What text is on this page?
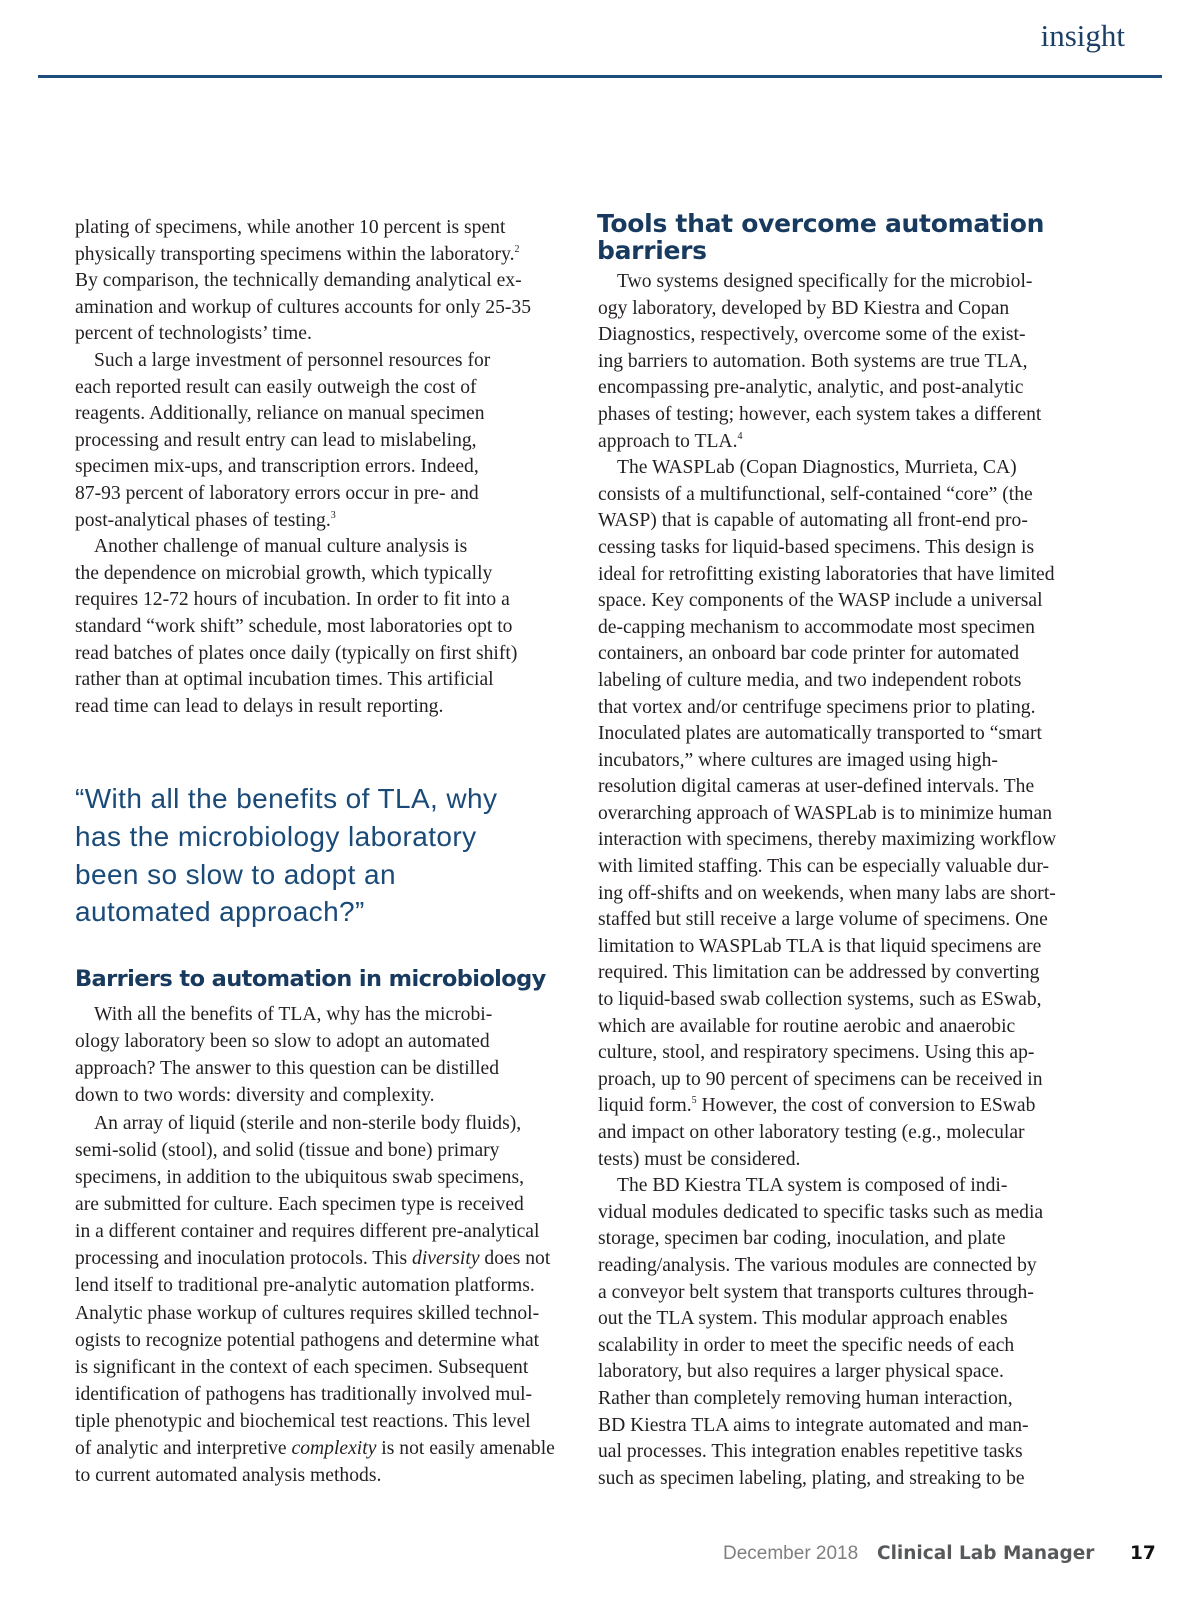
insight
plating of specimens, while another 10 percent is spent
physically transporting specimens within the laboratory.$^2$
By comparison, the technically demanding analytical ex-
amination and workup of cultures accounts for only 25-35
percent of technologists’ time.
Such a large investment of personnel resources for
each reported result can easily outweigh the cost of
reagents. Additionally, reliance on manual specimen
processing and result entry can lead to mislabeling,
specimen mix-ups, and transcription errors. Indeed,
87-93 percent of laboratory errors occur in pre- and
post-analytical phases of testing.$^3$
Another challenge of manual culture analysis is
the dependence on microbial growth, which typically
requires 12-72 hours of incubation. In order to fit into a
standard “work shift” schedule, most laboratories opt to
read batches of plates once daily (typically on first shift)
rather than at optimal incubation times. This artificial
read time can lead to delays in result reporting.
“With all the benefits of TLA, why
has the microbiology laboratory
been so slow to adopt an
automated approach?”
Barriers to automation in microbiology
With all the benefits of TLA, why has the microbi-
ology laboratory been so slow to adopt an automated
approach? The answer to this question can be distilled
down to two words: diversity and complexity.
An array of liquid (sterile and non-sterile body fluids),
semi-solid (stool), and solid (tissue and bone) primary
specimens, in addition to the ubiquitous swab specimens,
are submitted for culture. Each specimen type is received
in a different container and requires different pre-analytical
processing and inoculation protocols. This diversity does not
lend itself to traditional pre-analytic automation platforms.
Analytic phase workup of cultures requires skilled technol-
ogists to recognize potential pathogens and determine what
is significant in the context of each specimen. Subsequent
identification of pathogens has traditionally involved mul-
tiple phenotypic and biochemical test reactions. This level
of analytic and interpretive complexity is not easily amenable
to current automated analysis methods.
Tools that overcome automation
barriers
Two systems designed specifically for the microbiol-
ogy laboratory, developed by BD Kiestra and Copan
Diagnostics, respectively, overcome some of the exist-
ing barriers to automation. Both systems are true TLA,
encompassing pre-analytic, analytic, and post-analytic
phases of testing; however, each system takes a different
approach to TLA.$^4$
The WASPLab (Copan Diagnostics, Murrieta, CA)
consists of a multifunctional, self-contained “core” (the
WASP) that is capable of automating all front-end pro-
cessing tasks for liquid-based specimens. This design is
ideal for retrofitting existing laboratories that have limited
space. Key components of the WASP include a universal
de-capping mechanism to accommodate most specimen
containers, an onboard bar code printer for automated
labeling of culture media, and two independent robots
that vortex and/or centrifuge specimens prior to plating.
Inoculated plates are automatically transported to “smart
incubators,” where cultures are imaged using high-
resolution digital cameras at user-defined intervals. The
overarching approach of WASPLab is to minimize human
interaction with specimens, thereby maximizing workflow
with limited staffing. This can be especially valuable dur-
ing off-shifts and on weekends, when many labs are short-
staffed but still receive a large volume of specimens. One
limitation to WASPLab TLA is that liquid specimens are
required. This limitation can be addressed by converting
to liquid-based swab collection systems, such as ESwab,
which are available for routine aerobic and anaerobic
culture, stool, and respiratory specimens. Using this ap-
proach, up to 90 percent of specimens can be received in
liquid form.$^5$ However, the cost of conversion to ESwab
and impact on other laboratory testing (e.g., molecular
tests) must be considered.
The BD Kiestra TLA system is composed of indi-
vidual modules dedicated to specific tasks such as media
storage, specimen bar coding, inoculation, and plate
reading/analysis. The various modules are connected by
a conveyor belt system that transports cultures through-
out the TLA system. This modular approach enables
scalability in order to meet the specific needs of each
laboratory, but also requires a larger physical space.
Rather than completely removing human interaction,
BD Kiestra TLA aims to integrate automated and man-
ual processes. This integration enables repetitive tasks
such as specimen labeling, plating, and streaking to be
December 2018 Clinical Lab Manager 17
